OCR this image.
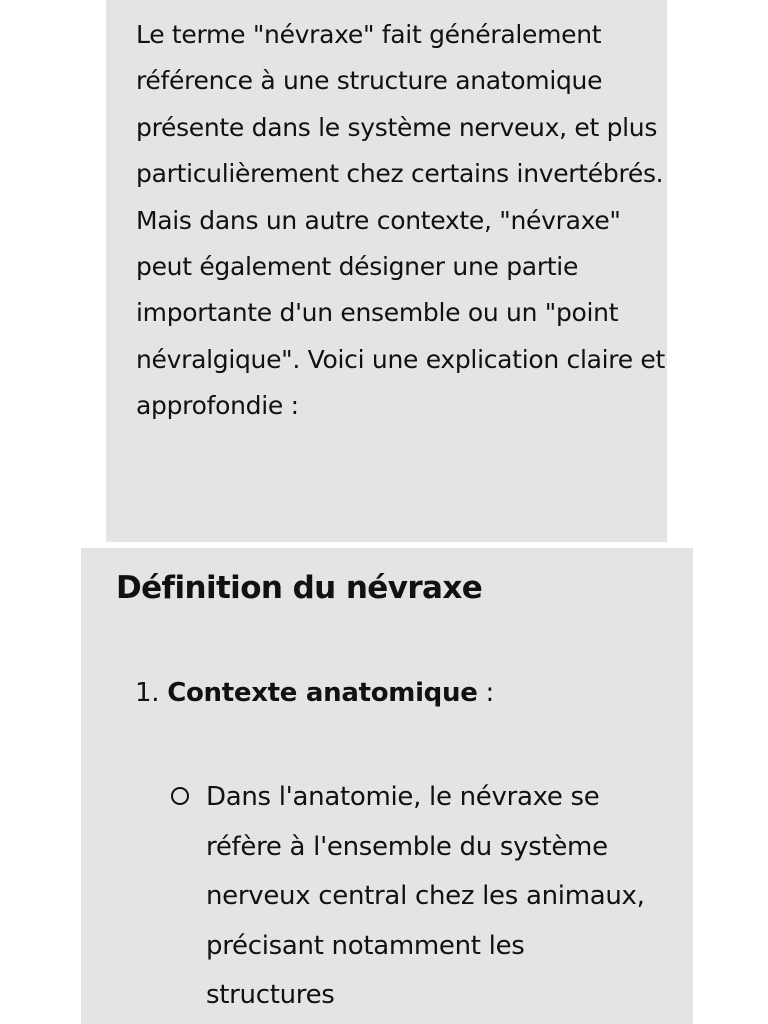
Le terme "névraxe" fait généralement référence à une structure anatomique présente dans le système nerveux, et plus particulièrement chez certains invertébrés. Mais dans un autre contexte, "névraxe" peut également désigner une partie importante d'un ensemble ou un "point névralgique". Voici une explication claire et approfondie :

Définition du névraxe

1. Contexte anatomique :

Dans l'anatomie, le névraxe se réfère à l'ensemble du système nerveux central chez les animaux, précisant notamment les structures
